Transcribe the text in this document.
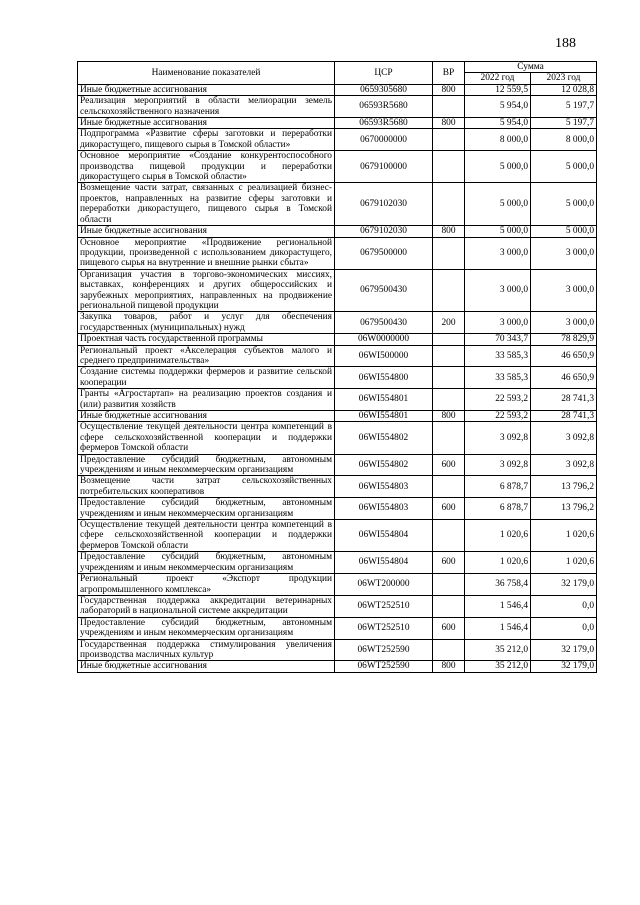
188
Наименование показателей	ЦСР	ВР	Сумма	
			2022 год	2023 год
Иные бюджетные ассигнования	0659305680	800	12 559,5	12 028,8
Реализация мероприятий в области мелиорации земель сельскохозяйственного назначения	06593R5680		5 954,0	5 197,7
Иные бюджетные ассигнования	06593R5680	800	5 954,0	5 197,7
Подпрограмма «Развитие сферы заготовки и переработки дикорастущего, пищевого сырья в Томской области»	0670000000		8 000,0	8 000,0
Основное мероприятие «Создание конкурентоспособного производства пищевой продукции и переработки дикорастущего сырья в Томской области»	0679100000		5 000,0	5 000,0
Возмещение части затрат, связанных с реализацией бизнес-проектов, направленных на развитие сферы заготовки и переработки дикорастущего, пищевого сырья в Томской области	0679102030		5 000,0	5 000,0
Иные бюджетные ассигнования	0679102030	800	5 000,0	5 000,0
Основное мероприятие «Продвижение региональной продукции, произведенной с использованием дикорастущего, пищевого сырья на внутренние и внешние рынки сбыта»	0679500000		3 000,0	3 000,0
Организация участия в торгово-экономических миссиях, выставках, конференциях и других общероссийских и зарубежных мероприятиях, направленных на продвижение региональной пищевой продукции	0679500430		3 000,0	3 000,0
Закупка товаров, работ и услуг для обеспечения государственных (муниципальных) нужд	0679500430	200	3 000,0	3 000,0
Проектная часть государственной программы	06W0000000		70 343,7	78 829,9
Региональный проект «Акселерация субъектов малого и среднего предпринимательства»	06WI500000		33 585,3	46 650,9
Создание системы поддержки фермеров и развитие сельской кооперации	06WI554800		33 585,3	46 650,9
Гранты «Агростартап» на реализацию проектов создания и (или) развития хозяйств	06WI554801		22 593,2	28 741,3
Иные бюджетные ассигнования	06WI554801	800	22 593,2	28 741,3
Осуществление текущей деятельности центра компетенций в сфере сельскохозяйственной кооперации и поддержки фермеров Томской области	06WI554802		3 092,8	3 092,8
Предоставление субсидий бюджетным, автономным учреждениям и иным некоммерческим организациям	06WI554802	600	3 092,8	3 092,8
Возмещение части затрат сельскохозяйственных потребительских кооперативов	06WI554803		6 878,7	13 796,2
Предоставление субсидий бюджетным, автономным учреждениям и иным некоммерческим организациям	06WI554803	600	6 878,7	13 796,2
Осуществление текущей деятельности центра компетенций в сфере сельскохозяйственной кооперации и поддержки фермеров Томской области	06WI554804		1 020,6	1 020,6
Предоставление субсидий бюджетным, автономным учреждениям и иным некоммерческим организациям	06WI554804	600	1 020,6	1 020,6
Региональный проект «Экспорт продукции агропромышленного комплекса»	06WT200000		36 758,4	32 179,0
Государственная поддержка аккредитации ветеринарных лабораторий в национальной системе аккредитации	06WT252510		1 546,4	0,0
Предоставление субсидий бюджетным, автономным учреждениям и иным некоммерческим организациям	06WT252510	600	1 546,4	0,0
Государственная поддержка стимулирования увеличения производства масличных культур	06WT252590		35 212,0	32 179,0
Иные бюджетные ассигнования	06WT252590	800	35 212,0	32 179,0
